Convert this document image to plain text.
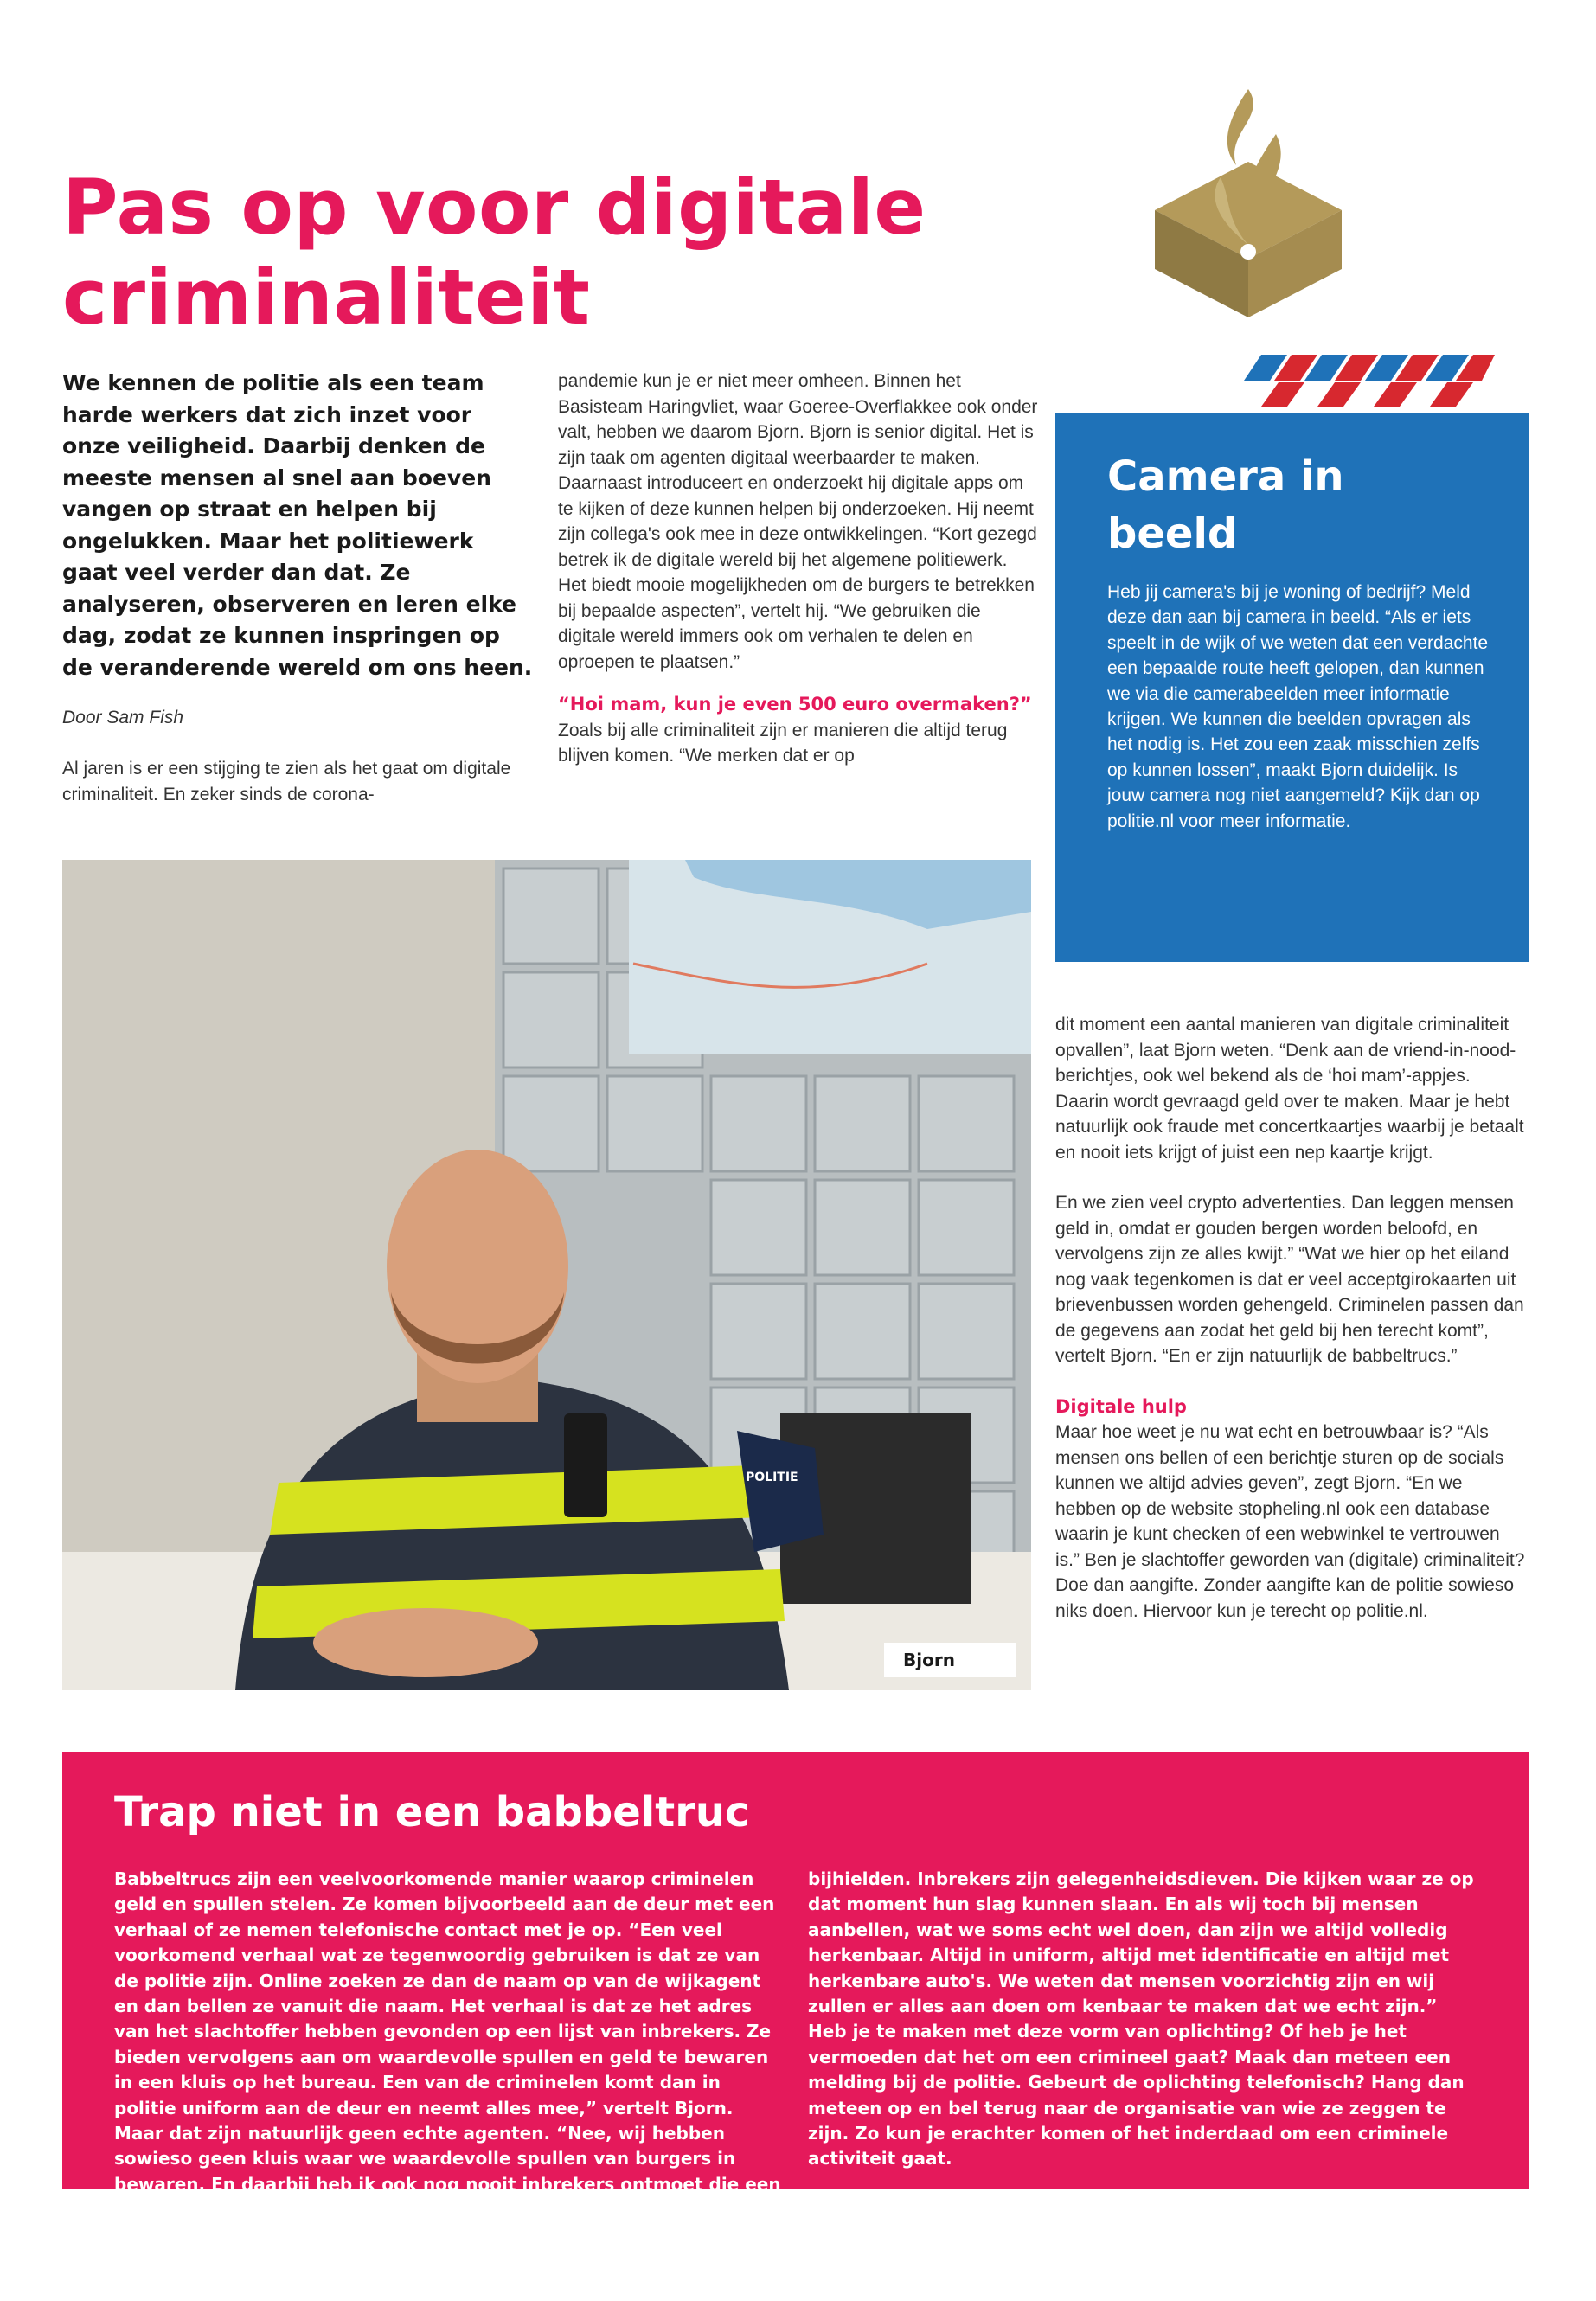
Pas op voor digitale criminaliteit
We kennen de politie als een team harde werkers dat zich inzet voor onze veiligheid. Daarbij denken de meeste mensen al snel aan boeven vangen op straat en helpen bij ongelukken. Maar het politiewerk gaat veel verder dan dat. Ze analyseren, observeren en leren elke dag, zodat ze kunnen inspringen op de veranderende wereld om ons heen.
Door Sam Fish
Al jaren is er een stijging te zien als het gaat om digitale criminaliteit. En zeker sinds de corona-

pandemie kun je er niet meer omheen. Binnen het Basisteam Haringvliet, waar Goeree-Overflakkee ook onder valt, hebben we daarom Bjorn. Bjorn is senior digital. Het is zijn taak om agenten digitaal weerbaarder te maken. Daarnaast introduceert en onderzoekt hij digitale apps om te kijken of deze kunnen helpen bij onderzoeken. Hij neemt zijn collega's ook mee in deze ontwikkelingen. “Kort gezegd betrek ik de digitale wereld bij het algemene politiewerk. Het biedt mooie mogelijkheden om de burgers te betrekken bij bepaalde aspecten”, vertelt hij. “We gebruiken die digitale wereld immers ook om verhalen te delen en oproepen te plaatsen.”

“Hoi mam, kun je even 500 euro overmaken?”

Zoals bij alle criminaliteit zijn er manieren die altijd terug blijven komen. “We merken dat er op

Camera in beeld
Heb jij camera's bij je woning of bedrijf? Meld deze dan aan bij camera in beeld. “Als er iets speelt in de wijk of we weten dat een verdachte een bepaalde route heeft gelopen, dan kunnen we via die camerabeelden meer informatie krijgen. We kunnen die beelden opvragen als het nodig is. Het zou een zaak misschien zelfs op kunnen lossen”, maakt Bjorn duidelijk. Is jouw camera nog niet aangemeld? Kijk dan op politie.nl voor meer informatie.
POLITIE
Bjorn

dit moment een aantal manieren van digitale criminaliteit opvallen”, laat Bjorn weten. “Denk aan de vriend-in-nood-berichtjes, ook wel bekend als de ‘hoi mam’-appjes. Daarin wordt gevraagd geld over te maken. Maar je hebt natuurlijk ook fraude met concertkaartjes waarbij je betaalt en nooit iets krijgt of juist een nep kaartje krijgt.

En we zien veel crypto advertenties. Dan leggen mensen geld in, omdat er gouden bergen worden beloofd, en vervolgens zijn ze alles kwijt.” “Wat we hier op het eiland nog vaak tegenkomen is dat er veel acceptgirokaarten uit brievenbussen worden gehengeld. Criminelen passen dan de gegevens aan zodat het geld bij hen terecht komt”, vertelt Bjorn. “En er zijn natuurlijk de babbeltrucs.”

Digitale hulp

Maar hoe weet je nu wat echt en betrouwbaar is? “Als mensen ons bellen of een berichtje sturen op de socials kunnen we altijd advies geven”, zegt Bjorn. “En we hebben op de website stopheling.nl ook een database waarin je kunt checken of een webwinkel te vertrouwen is.” Ben je slachtoffer geworden van (digitale) criminaliteit? Doe dan aangifte. Zonder aangifte kan de politie sowieso niks doen. Hiervoor kun je terecht op politie.nl.

Trap niet in een babbeltruc
Babbeltrucs zijn een veelvoorkomende manier waarop criminelen geld en spullen stelen. Ze komen bijvoorbeeld aan de deur met een verhaal of ze nemen telefonische contact met je op. “Een veel voorkomend verhaal wat ze tegenwoordig gebruiken is dat ze van de politie zijn. Online zoeken ze dan de naam op van de wijkagent en dan bellen ze vanuit die naam. Het verhaal is dat ze het adres van het slachtoffer hebben gevonden op een lijst van inbrekers. Ze bieden vervolgens aan om waardevolle spullen en geld te bewaren in een kluis op het bureau. Een van de criminelen komt dan in politie uniform aan de deur en neemt alles mee,” vertelt Bjorn. Maar dat zijn natuurlijk geen echte agenten. “Nee, wij hebben sowieso geen kluis waar we waardevolle spullen van burgers in bewaren. En daarbij heb ik ook nog nooit inbrekers ontmoet die een adresboek
bijhielden. Inbrekers zijn gelegenheidsdieven. Die kijken waar ze op dat moment hun slag kunnen slaan. En als wij toch bij mensen aanbellen, wat we soms echt wel doen, dan zijn we altijd volledig herkenbaar. Altijd in uniform, altijd met identificatie en altijd met herkenbare auto's. We weten dat mensen voorzichtig zijn en wij zullen er alles aan doen om kenbaar te maken dat we echt zijn.” Heb je te maken met deze vorm van oplichting? Of heb je het vermoeden dat het om een crimineel gaat? Maak dan meteen een melding bij de politie. Gebeurt de oplichting telefonisch? Hang dan meteen op en bel terug naar de organisatie van wie ze zeggen te zijn. Zo kun je erachter komen of het inderdaad om een criminele activiteit gaat.
